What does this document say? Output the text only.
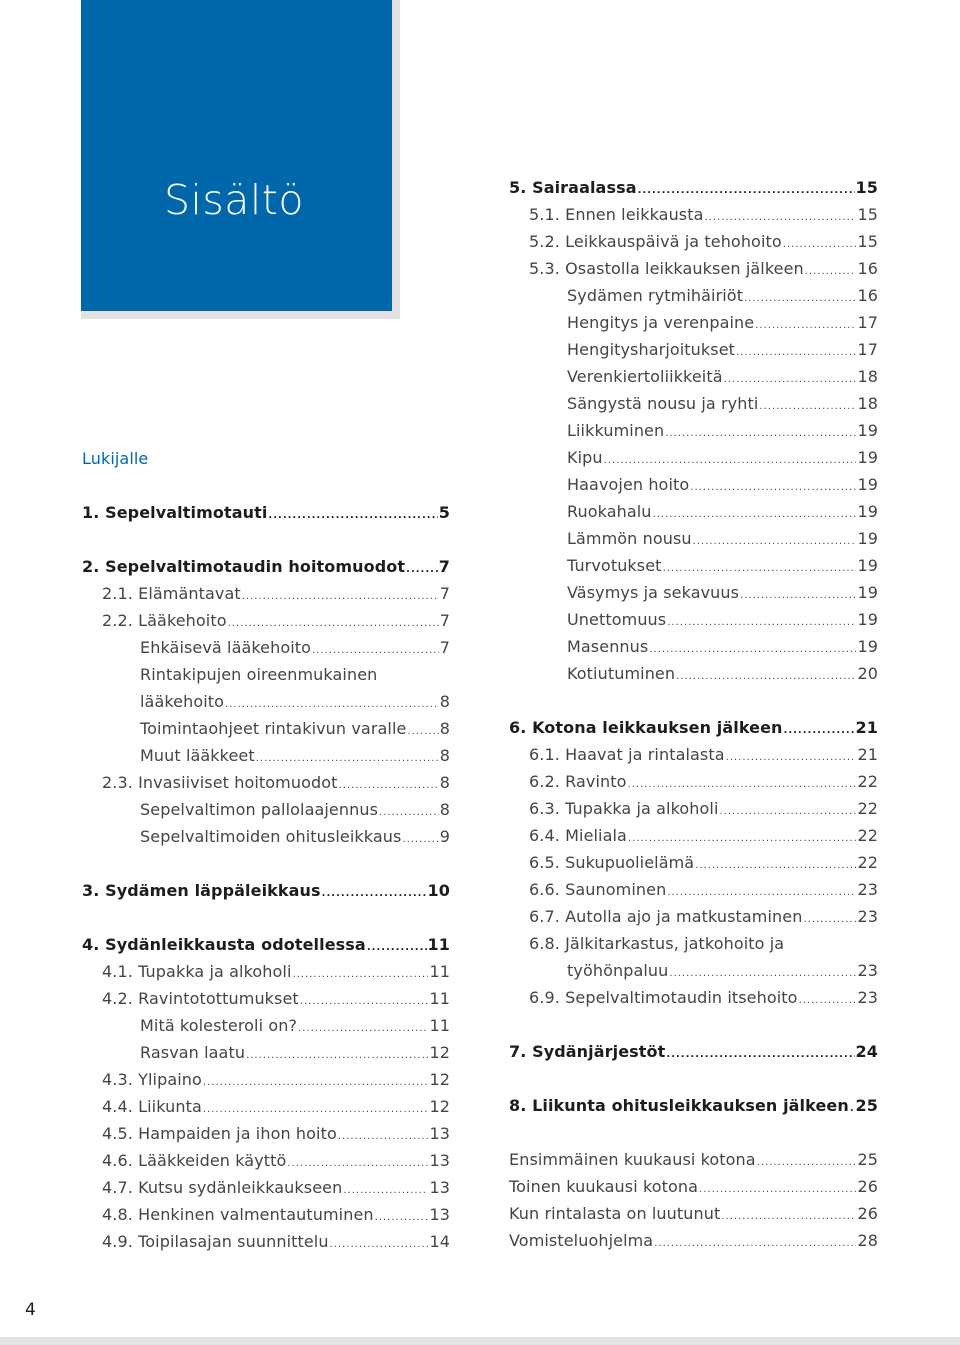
Sisältö
Lukijalle
1. Sepelvaltimotauti .....	5
2. Sepelvaltimotaudin hoitomuodot ..... 7
2.1. Elämäntavat .....	7
2.2. Lääkehoito .....	7
Ehkäisevä lääkehoito .....	7
Rintakipujen oireenmukainen
lääkehoito .....	8
Toimintaohjeet rintakivun varalle ..... 8
Muut lääkkeet .....	8
2.3. Invasiiviset hoitomuodot .....	8
Sepelvaltimon pallolaajennus .....	8
Sepelvaltimoiden ohitusleikkaus ..... 9
3. Sydämen läppäleikkaus .....	10
4. Sydänleikkausta odotellessa .....	11
4.1. Tupakka ja alkoholi .....	11
4.2. Ravintotottumukset .....	11
Mitä kolesteroli on? .....	11
Rasvan laatu .....	12
4.3. Ylipaino .....	12
4.4. Liikunta .....	12
4.5. Hampaiden ja ihon hoito .....	13
4.6. Lääkkeiden käyttö .....	13
4.7. Kutsu sydänleikkaukseen .....	13
4.8. Henkinen valmentautuminen .....	13
4.9. Toipilasajan suunnittelu .....	14
5. Sairaalassa .....	15
5.1. Ennen leikkausta .....	15
5.2. Leikkauspäivä ja tehohoito .....	15
5.3. Osastolla leikkauksen jälkeen .....	16
Sydämen rytmihäiriöt .....	16
Hengitys ja verenpaine .....	17
Hengitysharjoitukset .....	17
Verenkiertoliikkeitä .....	18
Sängystä nousu ja ryhti .....	18
Liikkuminen .....	19
Kipu .....	19
Haavojen hoito .....	19
Ruokahalu .....	19
Lämmön nousu .....	19
Turvotukset .....	19
Väsymys ja sekavuus .....	19
Unettomuus .....	19
Masennus .....	19
Kotiutuminen .....	20
6. Kotona leikkauksen jälkeen .....	21
6.1. Haavat ja rintalasta .....	21
6.2. Ravinto .....	22
6.3. Tupakka ja alkoholi .....	22
6.4. Mielialа .....	22
6.5. Sukupuolielämä .....	22
6.6. Saunominen .....	23
6.7. Autolla ajo ja matkustaminen .....	23
6.8. Jälkitarkastus, jatkohoito ja
työhönpaluu .....	23
6.9. Sepelvaltimotaudin itsehoito .....	23
7. Sydänjärjestöt .....	24
8. Liikunta ohitusleikkauksen jälkeen ..... 25
Ensimmäinen kuukausi kotona .....	25
Toinen kuukausi kotona .....	26
Kun rintalasta on luutunut .....	26
Vomisteluohjelma .....	28
4
